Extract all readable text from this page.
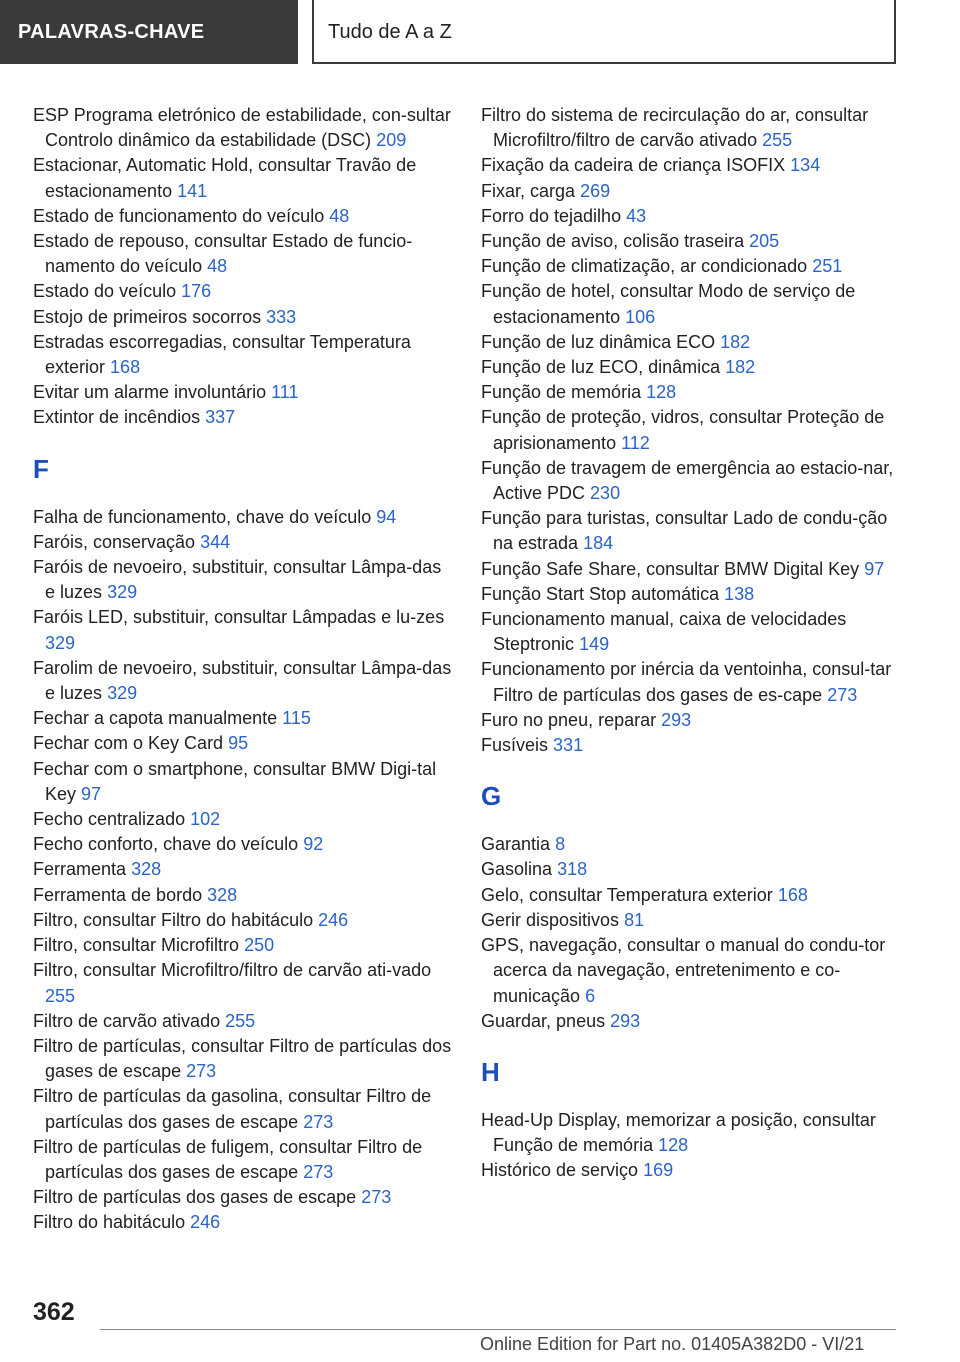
PALAVRAS-CHAVE	Tudo de A a Z

ESP Programa eletrónico de estabilidade, con-sultar Controlo dinâmico da estabilidade (DSC) 209

Estacionar, Automatic Hold, consultar Travão de estacionamento 141

Estado de funcionamento do veículo 48

Estado de repouso, consultar Estado de funcio-namento do veículo 48

Estado do veículo 176

Estojo de primeiros socorros 333

Estradas escorregadias, consultar Temperatura exterior 168

Evitar um alarme involuntário 111

Extintor de incêndios 337

F

Falha de funcionamento, chave do veículo 94

Faróis, conservação 344

Faróis de nevoeiro, substituir, consultar Lâmpa-das e luzes 329

Faróis LED, substituir, consultar Lâmpadas e lu-zes 329

Farolim de nevoeiro, substituir, consultar Lâmpa-das e luzes 329

Fechar a capota manualmente 115

Fechar com o Key Card 95

Fechar com o smartphone, consultar BMW Digi-tal Key 97

Fecho centralizado 102

Fecho conforto, chave do veículo 92

Ferramenta 328

Ferramenta de bordo 328

Filtro, consultar Filtro do habitáculo 246

Filtro, consultar Microfiltro 250

Filtro, consultar Microfiltro/filtro de carvão ati-vado 255

Filtro de carvão ativado 255

Filtro de partículas, consultar Filtro de partículas dos gases de escape 273

Filtro de partículas da gasolina, consultar Filtro de partículas dos gases de escape 273

Filtro de partículas de fuligem, consultar Filtro de partículas dos gases de escape 273

Filtro de partículas dos gases de escape 273

Filtro do habitáculo 246

Filtro do sistema de recirculação do ar, consultar Microfiltro/filtro de carvão ativado 255

Fixação da cadeira de criança ISOFIX 134

Fixar, carga 269

Forro do tejadilho 43

Função de aviso, colisão traseira 205

Função de climatização, ar condicionado 251

Função de hotel, consultar Modo de serviço de estacionamento 106

Função de luz dinâmica ECO 182

Função de luz ECO, dinâmica 182

Função de memória 128

Função de proteção, vidros, consultar Proteção de aprisionamento 112

Função de travagem de emergência ao estacio-nar, Active PDC 230

Função para turistas, consultar Lado de condu-ção na estrada 184

Função Safe Share, consultar BMW Digital Key 97

Função Start Stop automática 138

Funcionamento manual, caixa de velocidades Steptronic 149

Funcionamento por inércia da ventoinha, consul-tar Filtro de partículas dos gases de es-cape 273

Furo no pneu, reparar 293

Fusíveis 331

G

Garantia 8

Gasolina 318

Gelo, consultar Temperatura exterior 168

Gerir dispositivos 81

GPS, navegação, consultar o manual do condu-tor acerca da navegação, entretenimento e co-municação 6

Guardar, pneus 293

H

Head-Up Display, memorizar a posição, consultar Função de memória 128

Histórico de serviço 169

362
Online Edition for Part no. 01405A382D0 - VI/21
